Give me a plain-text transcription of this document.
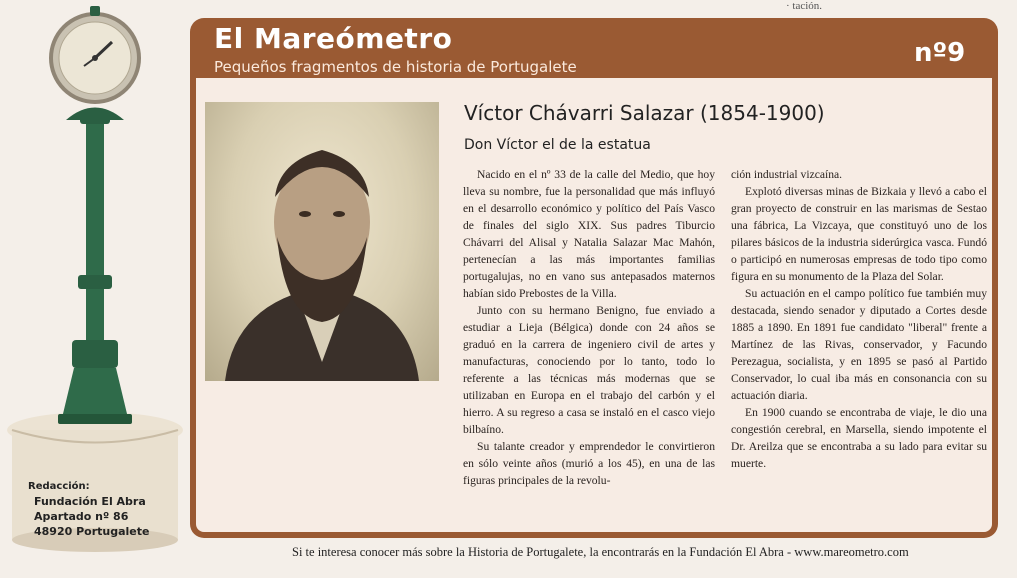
· tación.
El Mareómetro
Pequeños fragmentos de historia de Portugalete	nº9
Víctor Chávarri Salazar (1854-1900)
Don Víctor el de la estatua

Nacido en el nº 33 de la calle del Medio, que hoy lleva su nombre, fue la personalidad que más influyó en el desarrollo económico y político del País Vasco de finales del siglo XIX. Sus padres Tiburcio Chávarri del Alisal y Natalia Salazar Mac Mahón, pertenecían a las más importantes familias portugalujas, no en vano sus antepasados maternos habían sido Prebostes de la Villa.

Junto con su hermano Benigno, fue enviado a estudiar a Lieja (Bélgica) donde con 24 años se graduó en la carrera de ingeniero civil de artes y manufacturas, conociendo por lo tanto, todo lo referente a las técnicas más modernas que se utilizaban en Europa en el trabajo del carbón y el hierro. A su regreso a casa se instaló en el casco viejo bilbaíno.

Su talante creador y emprendedor le convirtieron en sólo veinte años (murió a los 45), en una de las figuras principales de la revolu-

ción industrial vizcaína.

Explotó diversas minas de Bizkaia y llevó a cabo el gran proyecto de construir en las marismas de Sestao una fábrica, La Vizcaya, que constituyó uno de los pilares básicos de la industria siderúrgica vasca. Fundó o participó en numerosas empresas de todo tipo como figura en su monumento de la Plaza del Solar.

Su actuación en el campo político fue también muy destacada, siendo senador y diputado a Cortes desde 1885 a 1890. En 1891 fue candidato "liberal" frente a Martínez de las Rivas, conservador, y Facundo Perezagua, socialista, y en 1895 se pasó al Partido Conservador, lo cual iba más en consonancia con su actuación diaria.

En 1900 cuando se encontraba de viaje, le dio una congestión cerebral, en Marsella, siendo impotente el Dr. Areilza que se encontraba a su lado para evitar su muerte.

Redacción:

Fundación El Abra
Apartado nº 86
48920 Portugalete
Si te interesa conocer más sobre la Historia de Portugalete, la encontrarás en la Fundación El Abra - www.mareometro.com
